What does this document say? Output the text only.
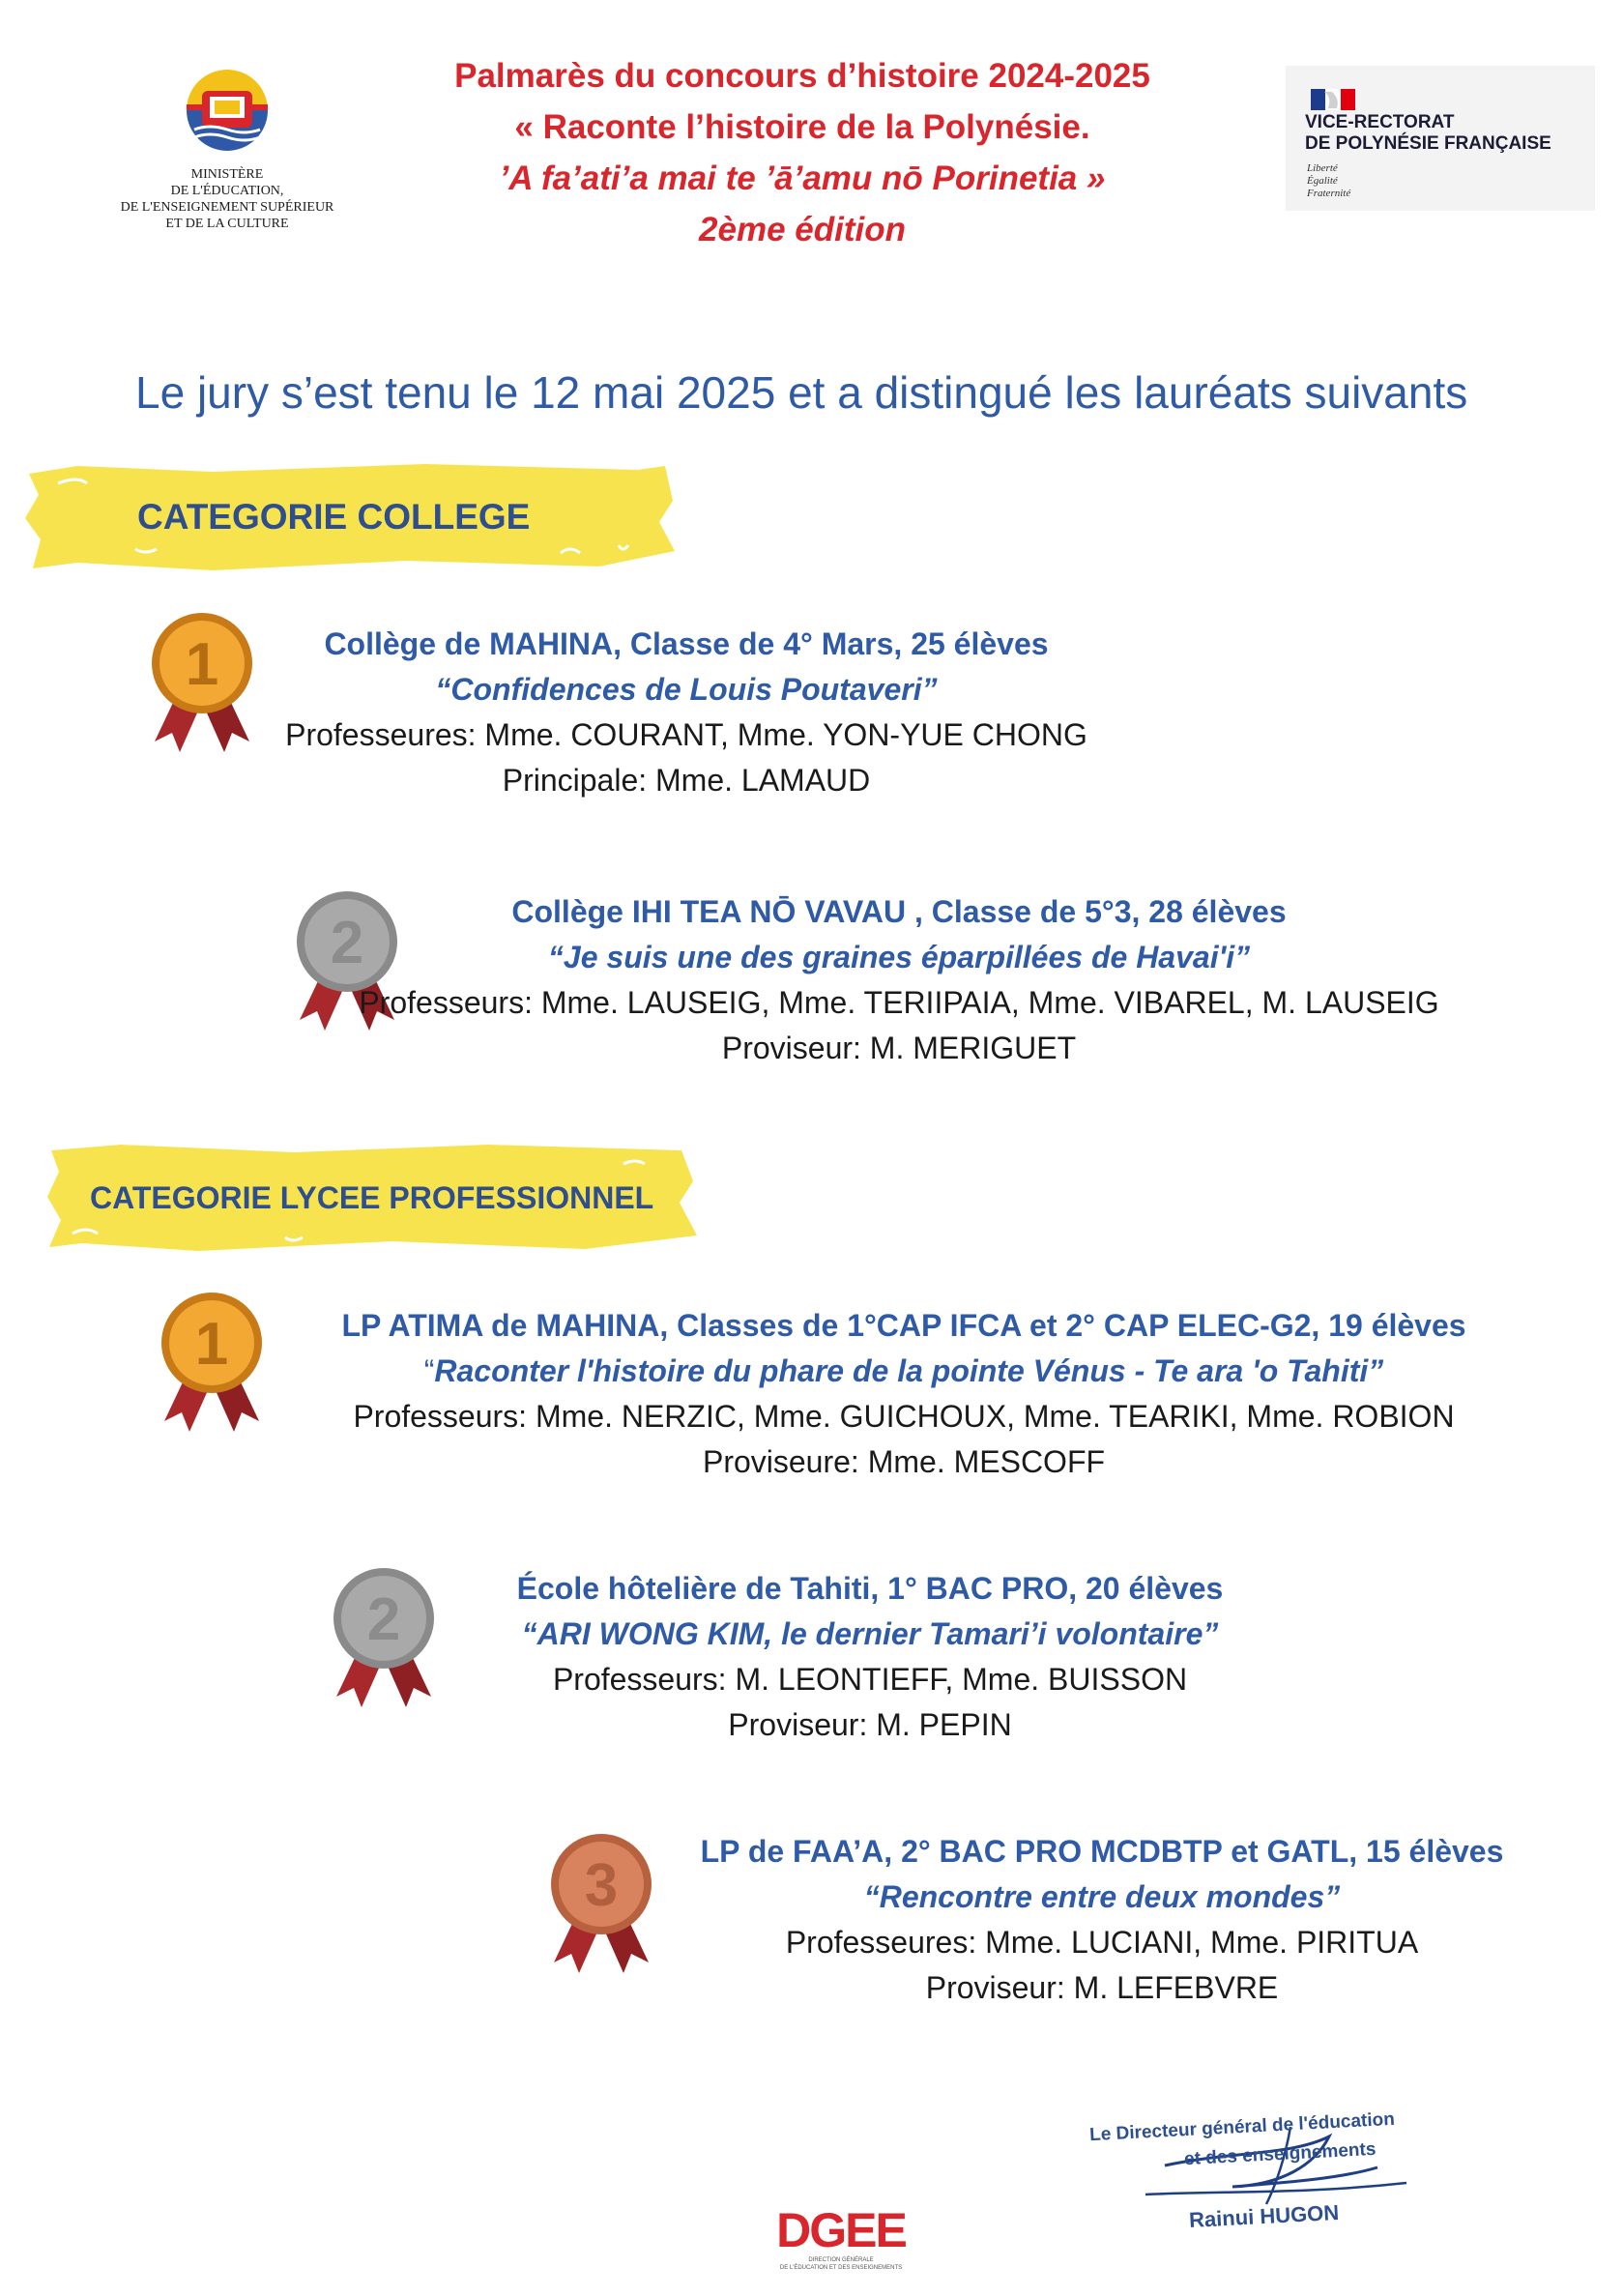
MINISTÈRE
DE L'ÉDUCATION,
DE L'ENSEIGNEMENT SUPÉRIEUR
ET DE LA CULTURE
Palmarès du concours d’histoire 2024-2025
« Raconte l’histoire de la Polynésie.
’A fa’ati’a mai te ’ā’amu nō Porinetia »
2ème édition
VICE-RECTORAT
DE POLYNÉSIE FRANÇAISE
Liberté
Égalité
Fraternité
Le jury s’est tenu le 12 mai 2025 et a distingué les lauréats suivants
CATEGORIE COLLEGE
1	Collège de MAHINA, Classe de 4° Mars, 25 élèves
“Confidences de Louis Poutaveri”
Professeures: Mme. COURANT, Mme. YON-YUE CHONG
Principale: Mme. LAMAUD
2	Collège IHI TEA NŌ VAVAU , Classe de 5°3, 28 élèves
“Je suis une des graines éparpillées de Havai'i”
Professeurs: Mme. LAUSEIG, Mme. TERIIPAIA, Mme. VIBAREL, M. LAUSEIG
Proviseur: M. MERIGUET
CATEGORIE LYCEE PROFESSIONNEL
1	LP ATIMA de MAHINA, Classes de 1°CAP IFCA et 2° CAP ELEC-G2, 19 élèves
“Raconter l'histoire du phare de la pointe Vénus - Te ara 'o Tahiti”
Professeurs: Mme. NERZIC, Mme. GUICHOUX, Mme. TEARIKI, Mme. ROBION
Proviseure: Mme. MESCOFF
2	École hôtelière de Tahiti, 1° BAC PRO, 20 élèves
“ARI WONG KIM, le dernier Tamari’i volontaire”
Professeurs: M. LEONTIEFF, Mme. BUISSON
Proviseur: M. PEPIN
3
LP de FAA’A, 2° BAC PRO MCDBTP et GATL, 15 élèves
“Rencontre entre deux mondes”
Professeures: Mme. LUCIANI, Mme. PIRITUA
Proviseur: M. LEFEBVRE
DGEE
DIRECTION GÉNÉRALE
DE L'ÉDUCATION ET DES ENSEIGNEMENTS
Le Directeur général de l'éducation
et des enseignements
Rainui HUGON
